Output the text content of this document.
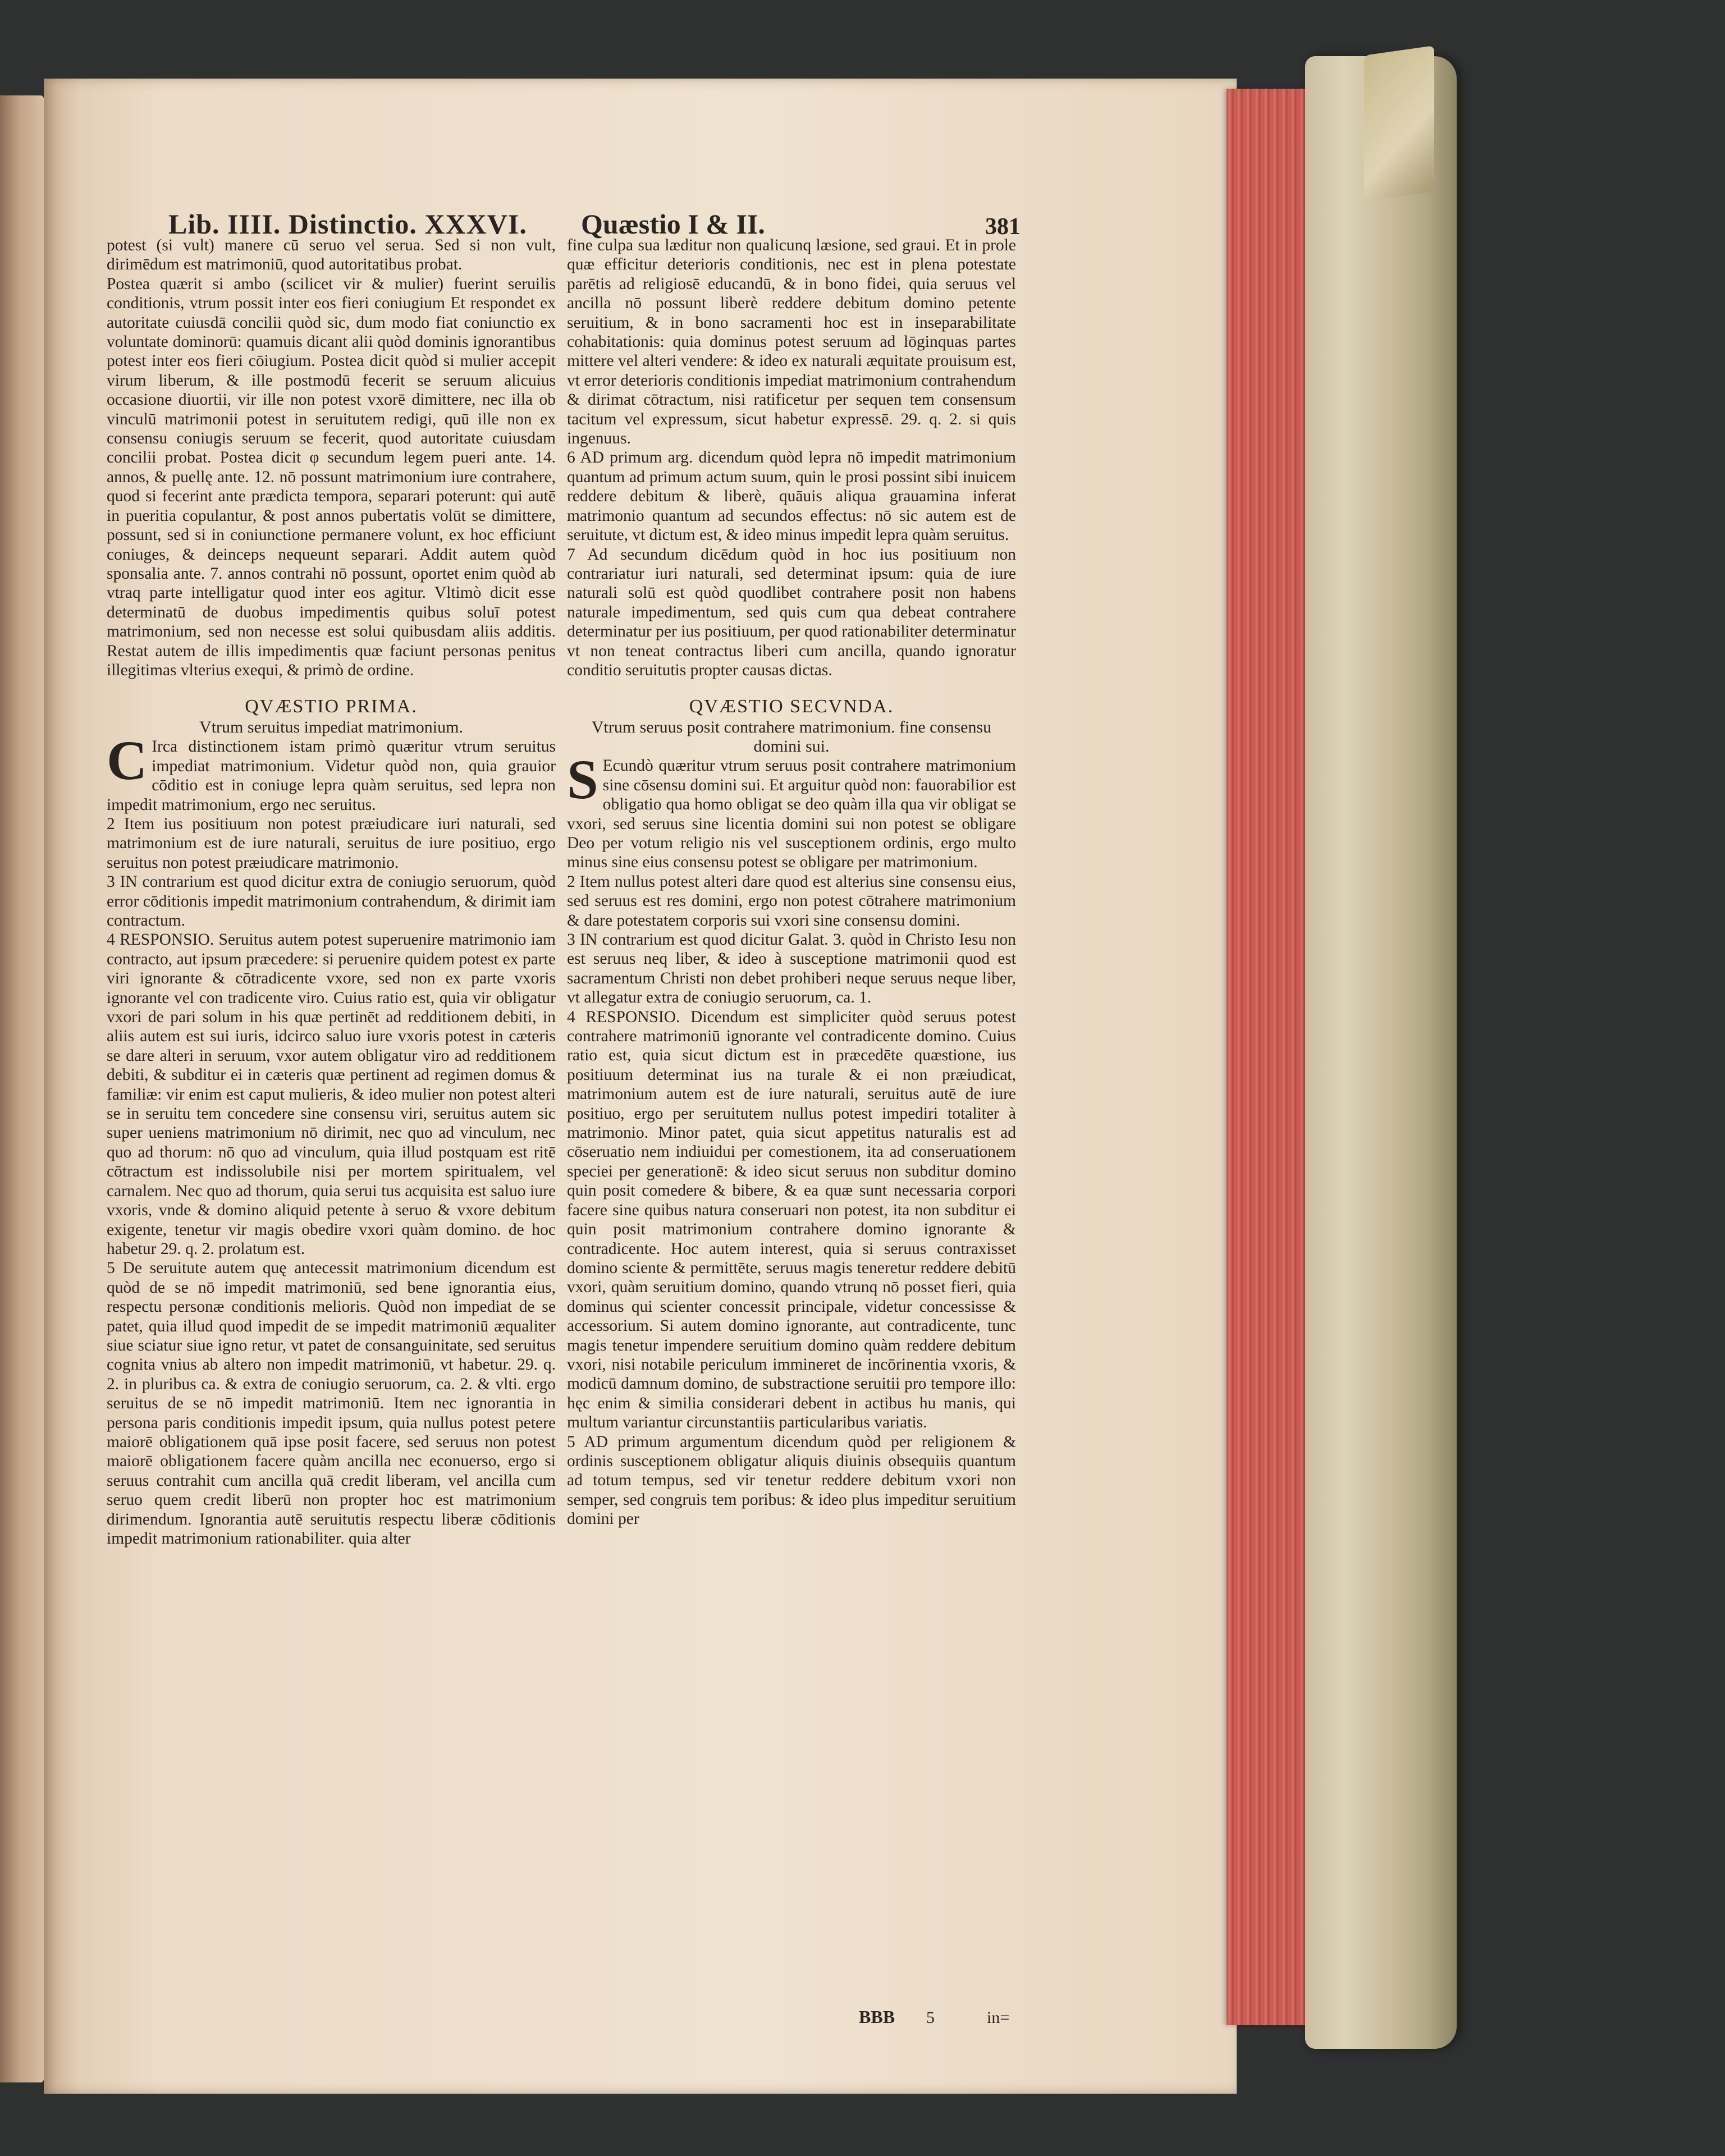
Lib. IIII. Distinctio. XXXVI. Quæstio I & II.	381

potest (si vult) manere cū seruo vel serua. Sed si non vult, dirimēdum est matrimoniū, quod autoritatibus probat.

Postea quærit si ambo (scilicet vir & mulier) fuerint seruilis conditionis, vtrum possit inter eos fieri coniugium Et respondet ex autoritate cuiusdā concilii quòd sic, dum modo fiat coniunctio ex voluntate dominorū: quamuis dicant alii quòd dominis ignorantibus potest inter eos fieri cōiugium. Postea dicit quòd si mulier accepit virum liberum, & ille postmodū fecerit se seruum alicuius occasione diuortii, vir ille non potest vxorē dimittere, nec illa ob vinculū matrimonii potest in seruitutem redigi, quū ille non ex consensu coniugis seruum se fecerit, quod autoritate cuiusdam concilii probat. Postea dicit φ secundum legem pueri ante. 14. annos, & puellę ante. 12. nō possunt matrimonium iure contrahere, quod si fecerint ante prædicta tempora, separari poterunt: qui autē in pueritia copulantur, & post annos pubertatis volūt se dimittere, possunt, sed si in coniunctione permanere volunt, ex hoc efficiunt coniuges, & deinceps nequeunt separari. Addit autem quòd sponsalia ante. 7. annos contrahi nō possunt, oportet enim quòd ab vtraq parte intelligatur quod inter eos agitur. Vltimò dicit esse determinatū de duobus impedimentis quibus soluī potest matrimonium, sed non necesse est solui quibusdam aliis additis. Restat autem de illis impedimentis quæ faciunt personas penitus illegitimas vlterius exequi, & primò de ordine.

QVÆSTIO PRIMA.
Vtrum seruitus impediat matrimonium.

C Irca distinctionem istam primò quæritur vtrum seruitus impediat matrimonium. Videtur quòd non, quia grauior cōditio est in coniuge lepra quàm seruitus, sed lepra non impedit matrimonium, ergo nec seruitus.

2 Item ius positiuum non potest præiudicare iuri naturali, sed matrimonium est de iure naturali, seruitus de iure positiuo, ergo seruitus non potest præiudicare matrimonio.

3 IN contrarium est quod dicitur extra de coniugio seruorum, quòd error cōditionis impedit matrimonium contrahendum, & dirimit iam contractum.

4 RESPONSIO. Seruitus autem potest superuenire matrimonio iam contracto, aut ipsum præcedere: si peruenire quidem potest ex parte viri ignorante & cōtradicente vxore, sed non ex parte vxoris ignorante vel con tradicente viro. Cuius ratio est, quia vir obligatur vxori de pari solum in his quæ pertinēt ad redditionem debiti, in aliis autem est sui iuris, idcirco saluo iure vxoris potest in cæteris se dare alteri in seruum, vxor autem obligatur viro ad redditionem debiti, & subditur ei in cæteris quæ pertinent ad regimen domus & familiæ: vir enim est caput mulieris, & ideo mulier non potest alteri se in seruitu tem concedere sine consensu viri, seruitus autem sic super ueniens matrimonium nō dirimit, nec quo ad vinculum, nec quo ad thorum: nō quo ad vinculum, quia illud postquam est ritē cōtractum est indissolubile nisi per mortem spiritualem, vel carnalem. Nec quo ad thorum, quia serui tus acquisita est saluo iure vxoris, vnde & domino aliquid petente à seruo & vxore debitum exigente, tenetur vir magis obedire vxori quàm domino. de hoc habetur 29. q. 2. prolatum est.

5 De seruitute autem quę antecessit matrimonium dicendum est quòd de se nō impedit matrimoniū, sed bene ignorantia eius, respectu personæ conditionis melioris. Quòd non impediat de se patet, quia illud quod impedit de se impedit matrimoniū æqualiter siue sciatur siue igno retur, vt patet de consanguinitate, sed seruitus cognita vnius ab altero non impedit matrimoniū, vt habetur. 29. q. 2. in pluribus ca. & extra de coniugio seruorum, ca. 2. & vlti. ergo seruitus de se nō impedit matrimoniū. Item nec ignorantia in persona paris conditionis impedit ipsum, quia nullus potest petere maiorē obligationem quā ipse posit facere, sed seruus non potest maiorē obligationem facere quàm ancilla nec econuerso, ergo si seruus contrahit cum ancilla quā credit liberam, vel ancilla cum seruo quem credit liberū non propter hoc est matrimonium dirimendum. Ignorantia autē seruitutis respectu liberæ cōditionis impedit matrimonium rationabiliter. quia alter

fine culpa sua læditur non qualicunq læsione, sed graui. Et in prole quæ efficitur deterioris conditionis, nec est in plena potestate parētis ad religiosē educandū, & in bono fidei, quia seruus vel ancilla nō possunt liberè reddere debitum domino petente seruitium, & in bono sacramenti hoc est in inseparabilitate cohabitationis: quia dominus potest seruum ad lōginquas partes mittere vel alteri vendere: & ideo ex naturali æquitate prouisum est, vt error deterioris conditionis impediat matrimonium contrahendum & dirimat cōtractum, nisi ratificetur per sequen tem consensum tacitum vel expressum, sicut habetur expressē. 29. q. 2. si quis ingenuus.

6 AD primum arg. dicendum quòd lepra nō impedit matrimonium quantum ad primum actum suum, quin le prosi possint sibi inuicem reddere debitum & liberè, quāuis aliqua grauamina inferat matrimonio quantum ad secundos effectus: nō sic autem est de seruitute, vt dictum est, & ideo minus impedit lepra quàm seruitus.

7 Ad secundum dicēdum quòd in hoc ius positiuum non contrariatur iuri naturali, sed determinat ipsum: quia de iure naturali solū est quòd quodlibet contrahere posit non habens naturale impedimentum, sed quis cum qua debeat contrahere determinatur per ius positiuum, per quod rationabiliter determinatur vt non teneat contractus liberi cum ancilla, quando ignoratur conditio seruitutis propter causas dictas.

QVÆSTIO SECVNDA.
Vtrum seruus posit contrahere matrimonium. fine consensu domini sui.

S Ecundò quæritur vtrum seruus posit contrahere matrimonium sine cōsensu domini sui. Et arguitur quòd non: fauorabilior est obligatio qua homo obligat se deo quàm illa qua vir obligat se vxori, sed seruus sine licentia domini sui non potest se obligare Deo per votum religio nis vel susceptionem ordinis, ergo multo minus sine eius consensu potest se obligare per matrimonium.

2 Item nullus potest alteri dare quod est alterius sine consensu eius, sed seruus est res domini, ergo non potest cōtrahere matrimonium & dare potestatem corporis sui vxori sine consensu domini.

3 IN contrarium est quod dicitur Galat. 3. quòd in Christo Iesu non est seruus neq liber, & ideo à susceptione matrimonii quod est sacramentum Christi non debet prohiberi neque seruus neque liber, vt allegatur extra de coniugio seruorum, ca. 1.

4 RESPONSIO. Dicendum est simpliciter quòd seruus potest contrahere matrimoniū ignorante vel contradicente domino. Cuius ratio est, quia sicut dictum est in præcedēte quæstione, ius positiuum determinat ius na turale & ei non præiudicat, matrimonium autem est de iure naturali, seruitus autē de iure positiuo, ergo per seruitutem nullus potest impediri totaliter à matrimonio. Minor patet, quia sicut appetitus naturalis est ad cōseruatio nem indiuidui per comestionem, ita ad conseruationem speciei per generationē: & ideo sicut seruus non subditur domino quin posit comedere & bibere, & ea quæ sunt necessaria corpori facere sine quibus natura conseruari non potest, ita non subditur ei quin posit matrimonium contrahere domino ignorante & contradicente. Hoc autem interest, quia si seruus contraxisset domino sciente & permittēte, seruus magis teneretur reddere debitū vxori, quàm seruitium domino, quando vtrunq nō posset fieri, quia dominus qui scienter concessit principale, videtur concessisse & accessorium. Si autem domino ignorante, aut contradicente, tunc magis tenetur impendere seruitium domino quàm reddere debitum vxori, nisi notabile periculum immineret de incōrinentia vxoris, & modicū damnum domino, de substractione seruitii pro tempore illo: hęc enim & similia considerari debent in actibus hu manis, qui multum variantur circunstantiis particularibus variatis.

5 AD primum argumentum dicendum quòd per religionem & ordinis susceptionem obligatur aliquis diuinis obsequiis quantum ad totum tempus, sed vir tenetur reddere debitum vxori non semper, sed congruis tem poribus: & ideo plus impeditur seruitium domini per

BBB 5	in=
